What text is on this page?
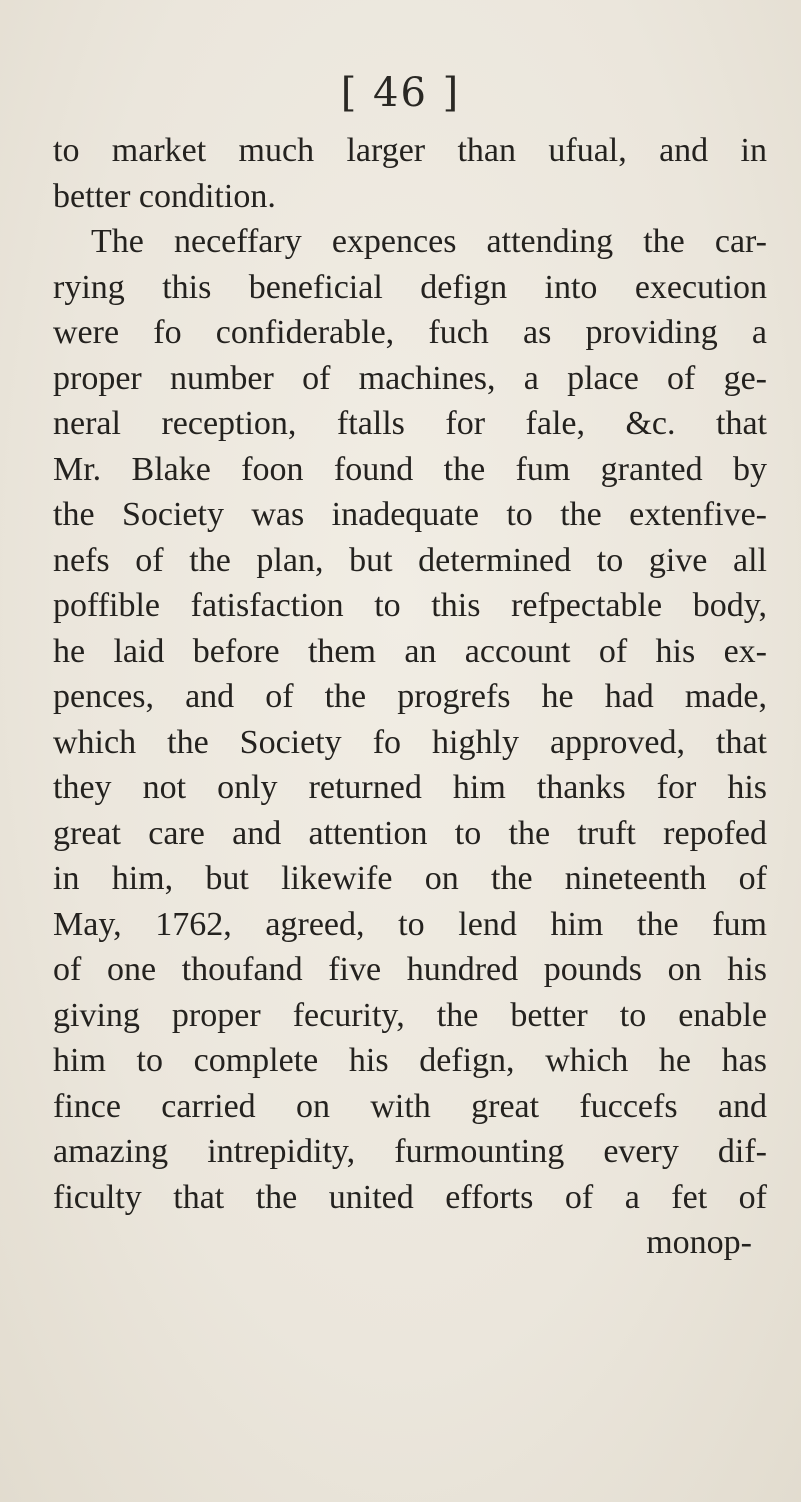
[ 46 ]
to market much larger than ufual, and in
better condition.
The neceffary expences attending the car-
rying this beneficial defign into execution
were fo confiderable, fuch as providing a
proper number of machines, a place of ge-
neral reception, ftalls for fale, &c. that
Mr. Blake foon found the fum granted by
the Society was inadequate to the extenfive-
nefs of the plan, but determined to give all
poffible fatisfaction to this refpectable body,
he laid before them an account of his ex-
pences, and of the progrefs he had made,
which the Society fo highly approved, that
they not only returned him thanks for his
great care and attention to the truft repofed
in him, but likewife on the nineteenth of
May, 1762, agreed, to lend him the fum
of one thoufand five hundred pounds on his
giving proper fecurity, the better to enable
him to complete his defign, which he has
fince carried on with great fuccefs and
amazing intrepidity, furmounting every dif-
ficulty that the united efforts of a fet of
monop-
